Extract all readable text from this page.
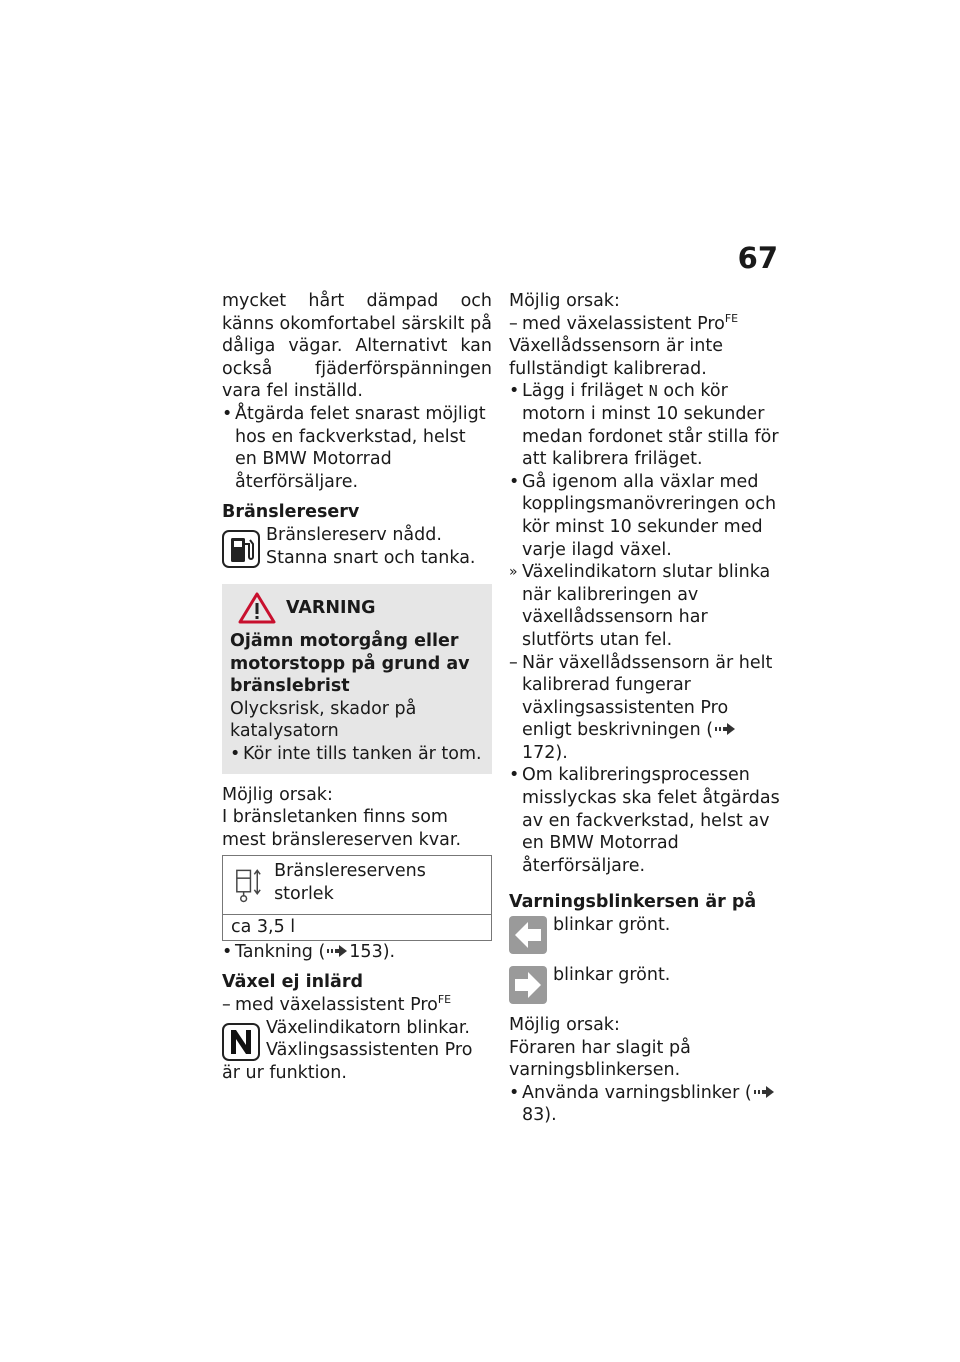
67

mycket hårt dämpad och känns okomfortabel särskilt på dåliga vägar. Alternativt kan också fjäderförspänningen vara fel inställd.

• Åtgärda felet snarast möjligt hos en fackverkstad, helst en BMW Motorrad återförsäljare.

Bränslereserv

Bränslereserv nådd. Stanna snart och tanka.

VARNING

Ojämn motorgång eller motorstopp på grund av bränslebrist

Olycksrisk, skador på katalysatorn

• Kör inte tills tanken är tom.

Möjlig orsak:

I bränsletanken finns som mest bränslereserven kvar.

Bränslereservens storlek
ca 3,5 l

• Tankning ( 153).

Växel ej inlärd

– med växelassistent Pro$^{FE}$

Växelindikatorn blinkar. Växlingsassistenten Pro är ur funktion.

Möjlig orsak:

– med växelassistent Pro$^{FE}$

Växellådssensorn är inte fullständigt kalibrerad.

• Lägg i friläget N och kör motorn i minst 10 sekunder medan fordonet står stilla för att kalibrera friläget.

• Gå igenom alla växlar med kopplingsmanövreringen och kör minst 10 sekunder med varje ilagd växel.

» Växelindikatorn slutar blinka när kalibreringen av växellådssensorn har slutförts utan fel.

– När växellådssensorn är helt kalibrerad fungerar växlingsassistenten Pro enligt beskrivningen (172).

• Om kalibreringsprocessen misslyckas ska felet åtgärdas av en fackverkstad, helst av en BMW Motorrad återförsäljare.

Varningsblinkersen är på

blinkar grönt.

blinkar grönt.

Möjlig orsak:

Föraren har slagit på varningsblinkersen.

• Använda varningsblinker (83).
